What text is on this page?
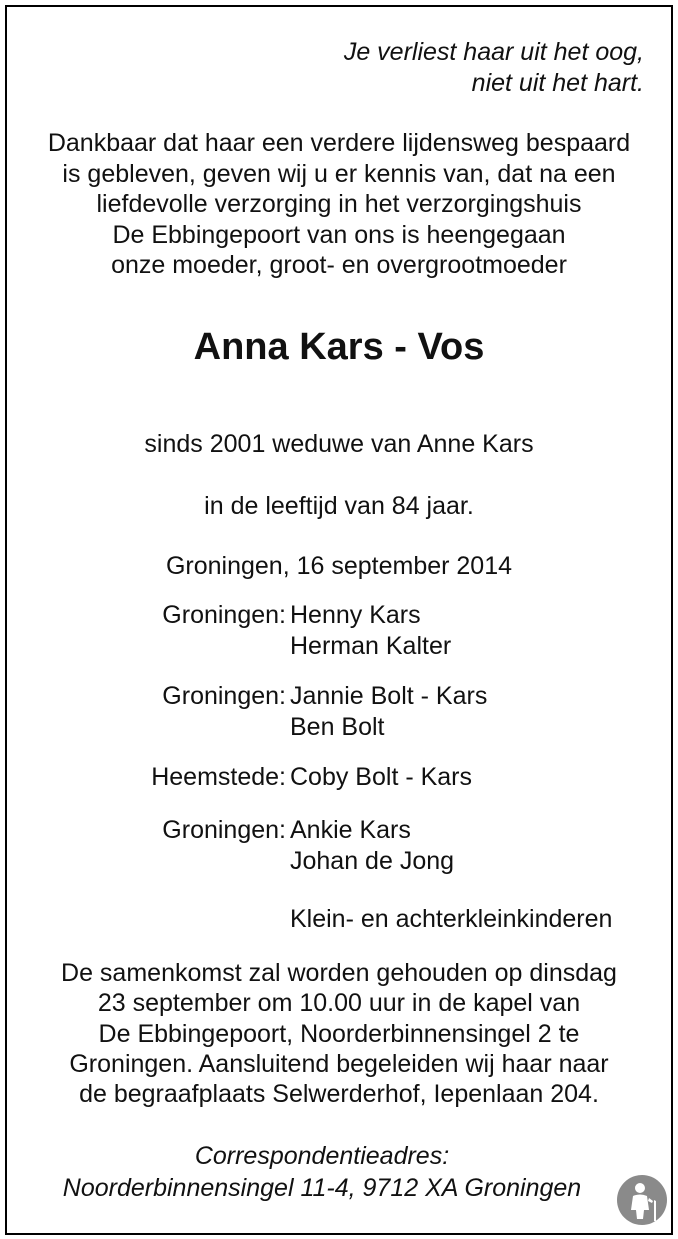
Je verliest haar uit het oog,
niet uit het hart.
Dankbaar dat haar een verdere lijdensweg bespaard
is gebleven, geven wij u er kennis van, dat na een
liefdevolle verzorging in het verzorgingshuis
De Ebbingepoort van ons is heengegaan
onze moeder, groot- en overgrootmoeder
Anna Kars - Vos
sinds 2001 weduwe van Anne Kars
in de leeftijd van 84 jaar.
Groningen, 16 september 2014
Groningen: Henny Kars
Herman Kalter
Groningen: Jannie Bolt - Kars
Ben Bolt
Heemstede: Coby Bolt - Kars
Groningen: Ankie Kars
Johan de Jong
Klein- en achterkleinkinderen
De samenkomst zal worden gehouden op dinsdag
23 september om 10.00 uur in de kapel van
De Ebbingepoort, Noorderbinnensingel 2 te
Groningen. Aansluitend begeleiden wij haar naar
de begraafplaats Selwerderhof, Iepenlaan 204.
Correspondentieadres:
Noorderbinnensingel 11-4, 9712 XA Groningen
